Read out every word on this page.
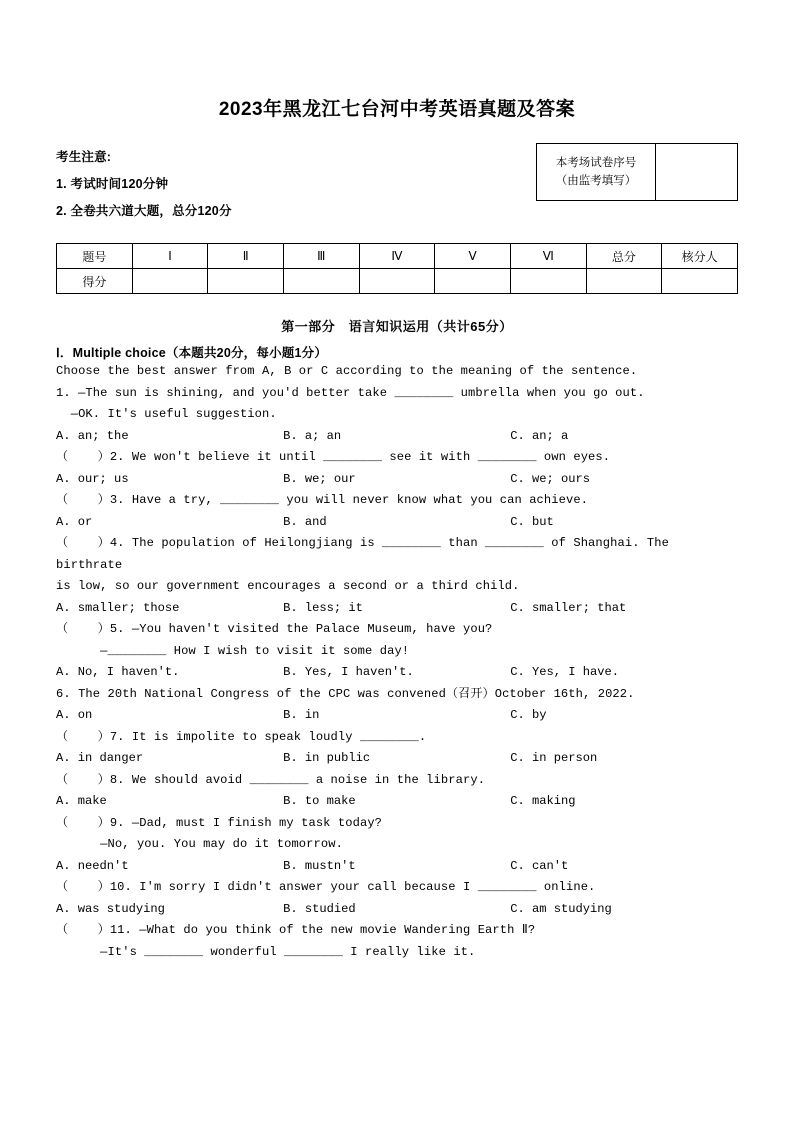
2023年黑龙江七台河中考英语真题及答案
考生注意:
1. 考试时间120分钟
2. 全卷共六道大题，总分120分
本考场试卷序号
（由监考填写）
题号	Ⅰ	Ⅱ	Ⅲ	Ⅳ	Ⅴ	Ⅵ	总分	核分人
得分								
第一部分　语言知识运用（共计65分）
Ⅰ．Multiple choice（本题共20分，每小题1分）
Choose the best answer from A, B or C according to the meaning of the sentence.
1. —The sun is shining, and you'd better take ________ umbrella when you go out.
—OK. It's useful suggestion.
A. an; the	B. a; an	C. an; a
（    ）2. We won't believe it until ________ see it with ________ own eyes.
A. our; us	B. we; our	C. we; ours
（    ）3. Have a try, ________ you will never know what you can achieve.
A. or	B. and	C. but
（    ）4. The population of Heilongjiang is ________ than ________ of Shanghai. The birthrate
is low, so our government encourages a second or a third child.
A. smaller; those	B. less; it	C. smaller; that
（    ）5. —You haven't visited the Palace Museum, have you?
—________ How I wish to visit it some day!
A. No, I haven't.	B. Yes, I haven't.	C. Yes, I have.
6. The 20th National Congress of the CPC was convened（召开）October 16th, 2022.
A. on	B. in	C. by
（    ）7. It is impolite to speak loudly ________.
A. in danger	B. in public	C. in person
（    ）8. We should avoid ________ a noise in the library.
A. make	B. to make	C. making
（    ）9. —Dad, must I finish my task today?
—No, you. You may do it tomorrow.
A. needn't	B. mustn't	C. can't
（    ）10. I'm sorry I didn't answer your call because I ________ online.
A. was studying	B. studied	C. am studying
（    ）11. —What do you think of the new movie Wandering Earth Ⅱ?
—It's ________ wonderful ________ I really like it.
